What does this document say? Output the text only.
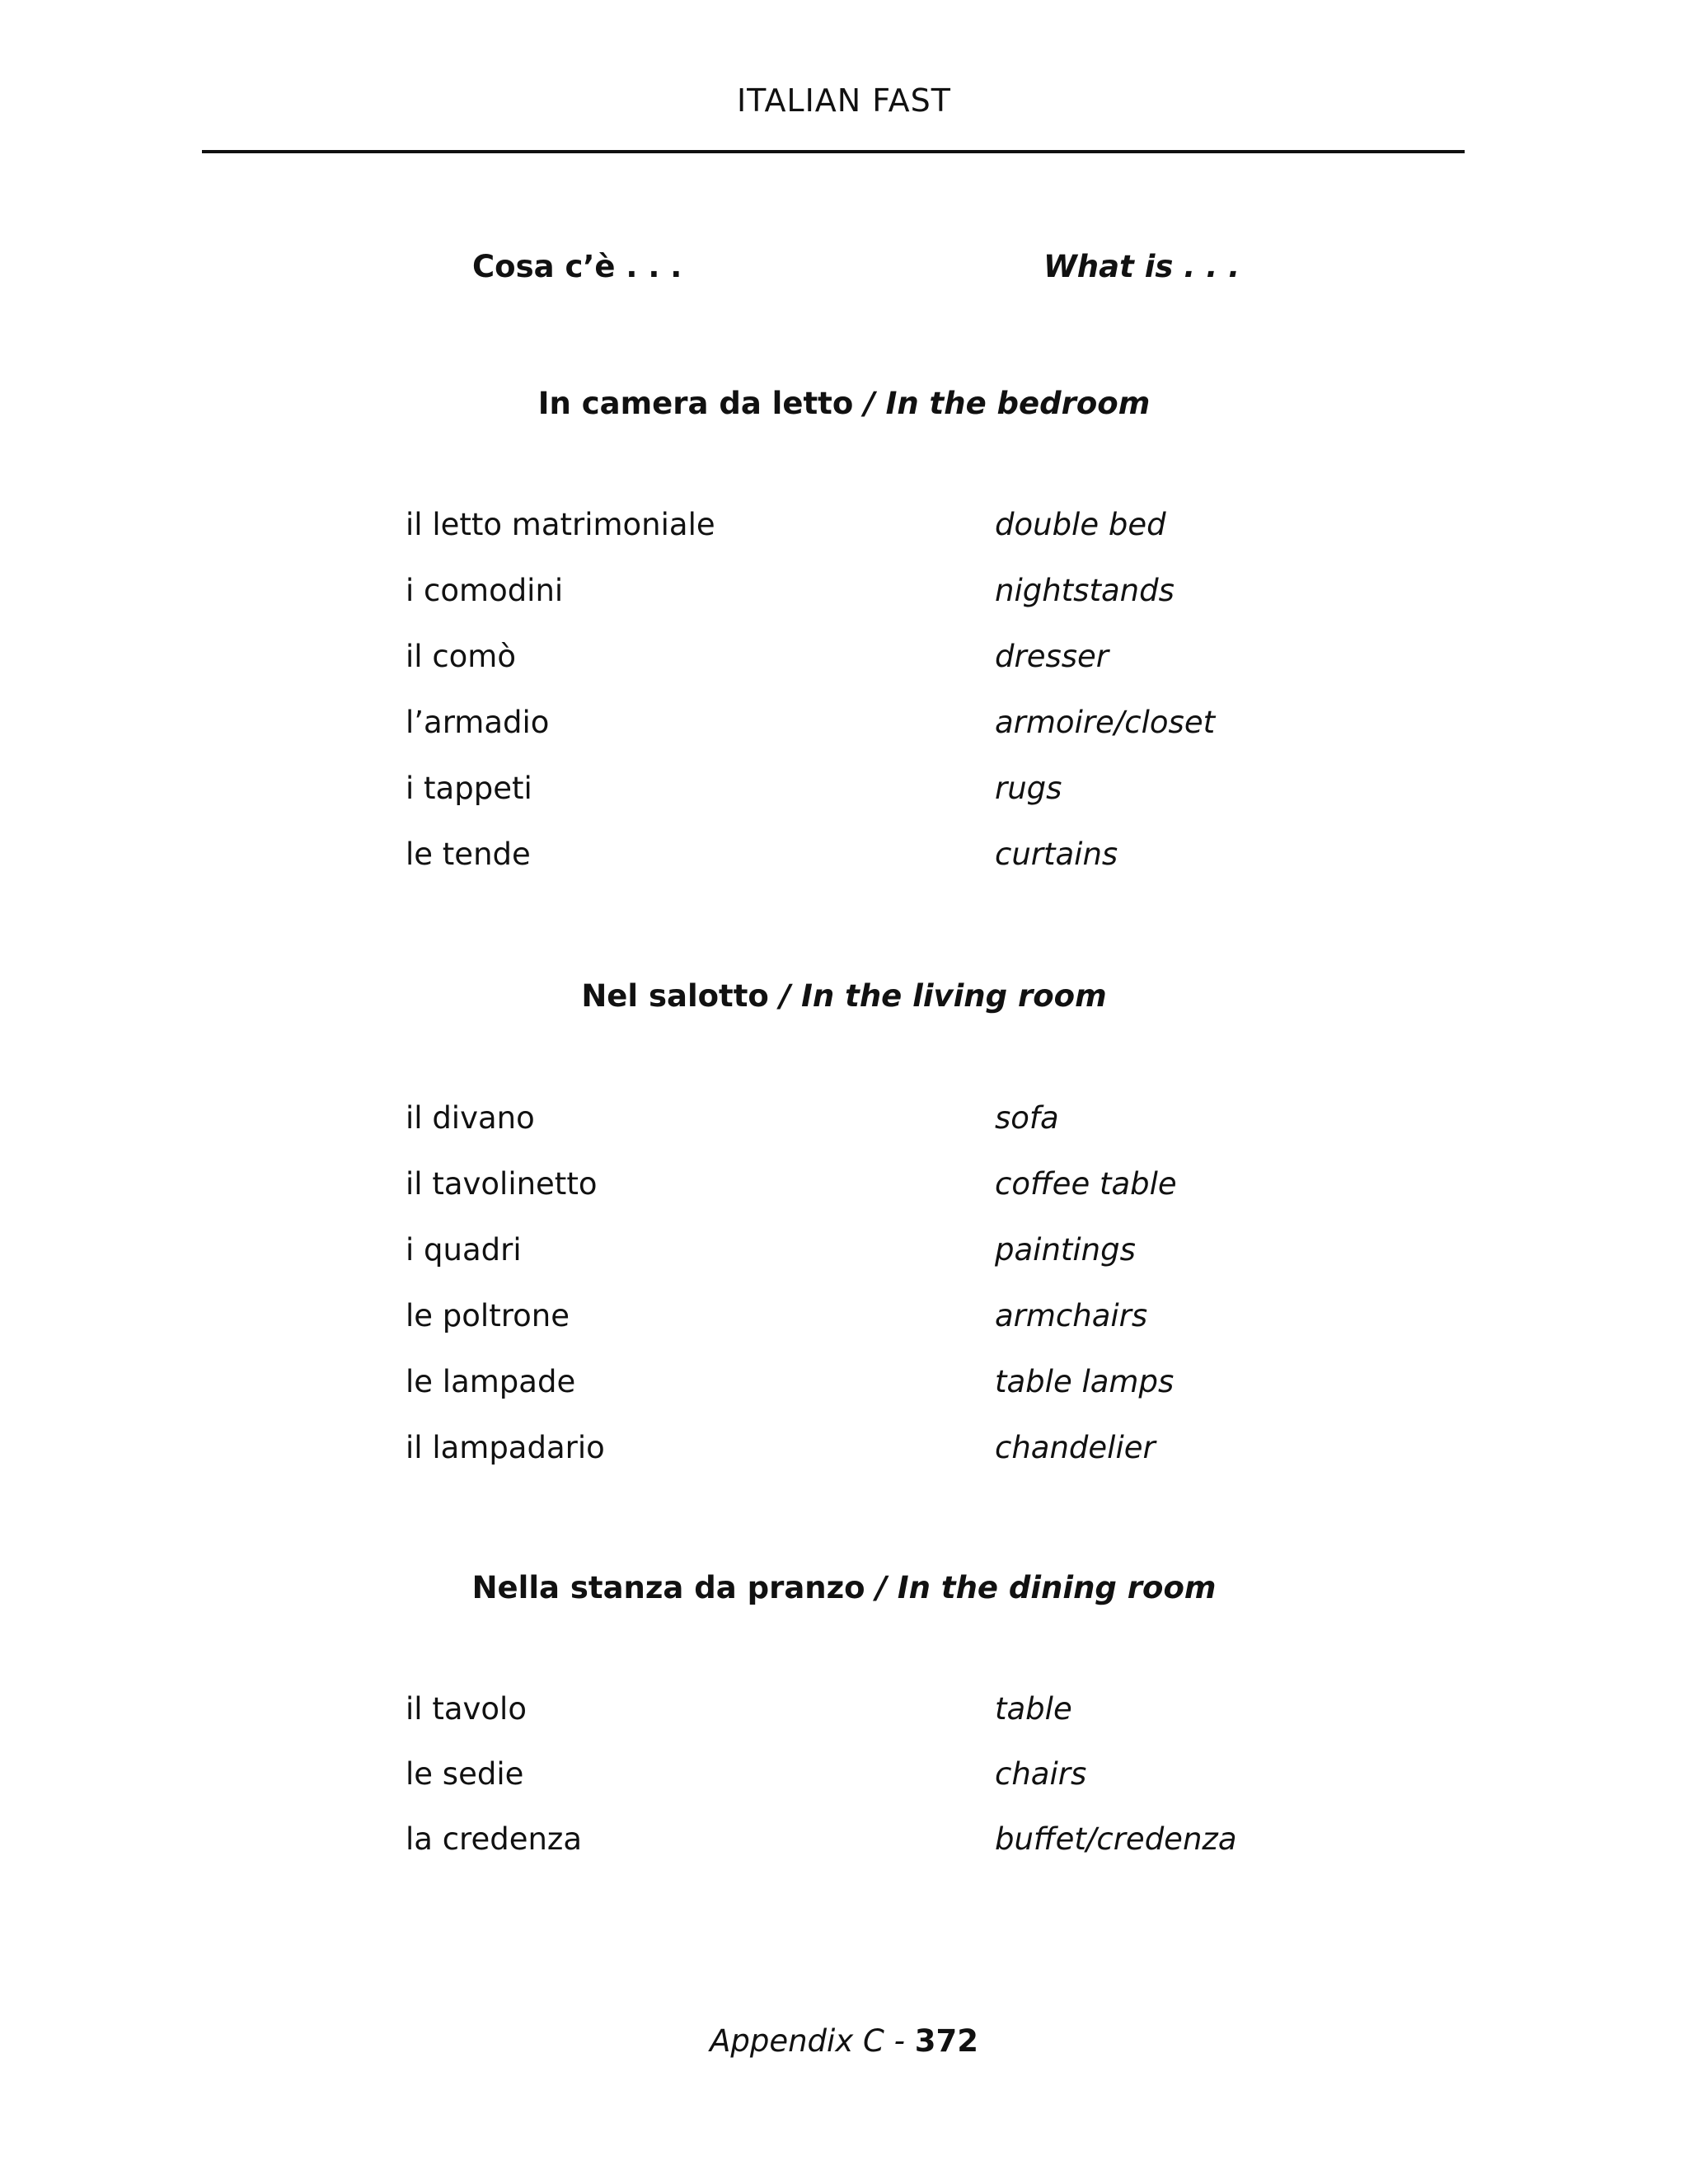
ITALIAN FAST
Cosa c’è . . .	What is . . .
In camera da letto / In the bedroom
il letto matrimoniale	double bed
i comodini	nightstands
il comò	dresser
l’armadio	armoire/closet
i tappeti	rugs
le tende	curtains
Nel salotto / In the living room
il divano	sofa
il tavolinetto	coffee table
i quadri	paintings
le poltrone	armchairs
le lampade	table lamps
il lampadario	chandelier
Nella stanza da pranzo / In the dining room
il tavolo	table
le sedie	chairs
la credenza	buffet/credenza
Appendix C - 372
